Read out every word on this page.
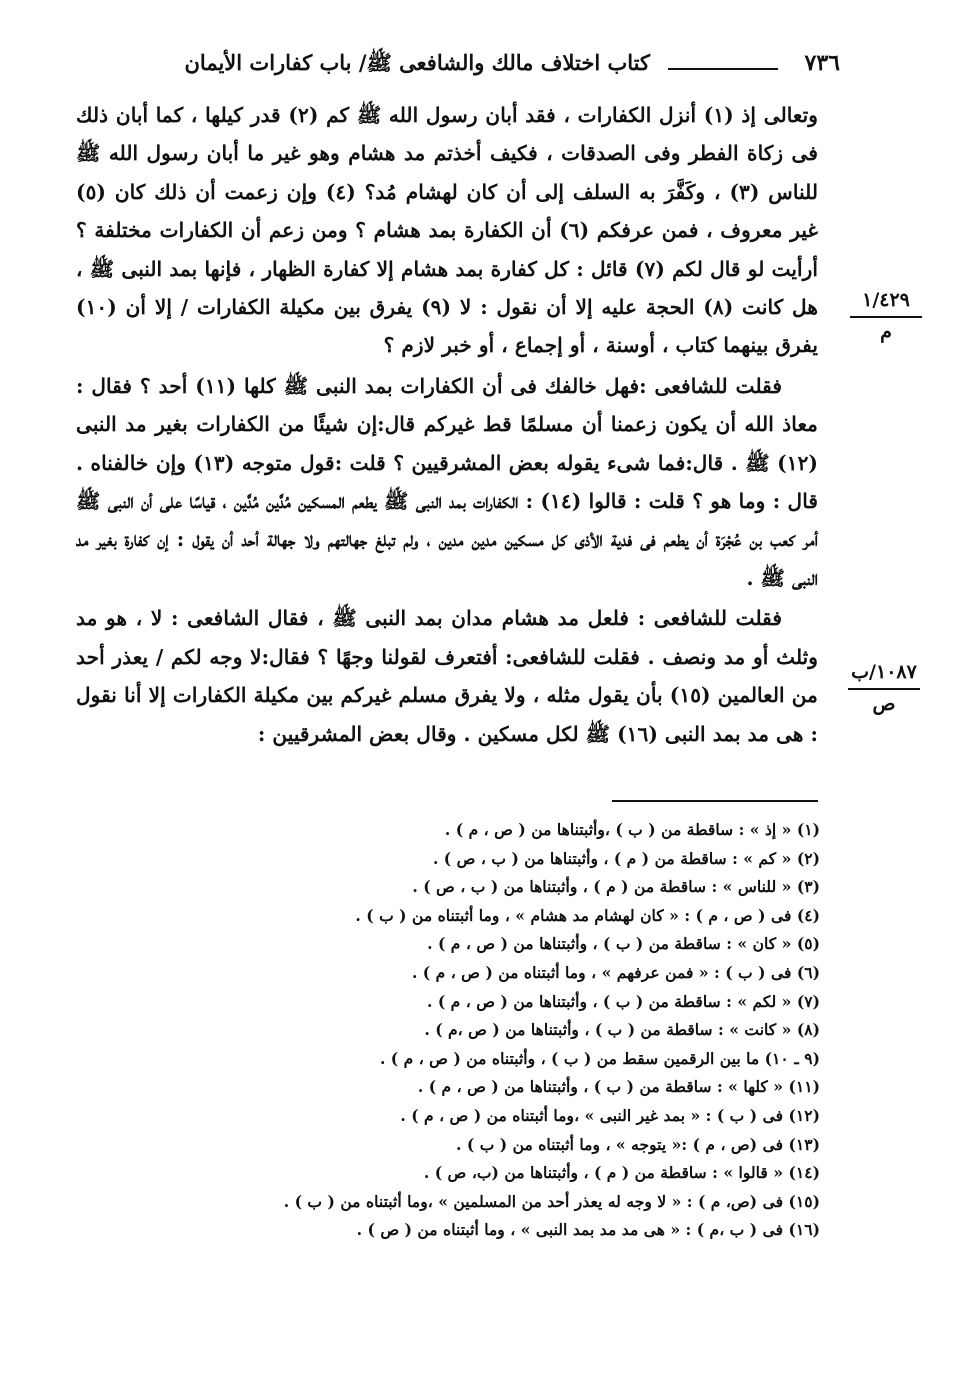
٧٣٦
كتاب اختلاف مالك والشافعى ﷺ/ باب كفارات الأيمان
١/٤٢٩
م
١٠٨٧/ب
ص

وتعالى إذ (١) أنزل الكفارات ، فقد أبان رسول الله ﷺ كم (٢) قدر كيلها ، كما أبان ذلك فى زكاة الفطر وفى الصدقات ، فكيف أخذتم مد هشام وهو غير ما أبان رسول الله ﷺ للناس (٣) ، وكَفَّرَ به السلف إلى أن كان لهشام مُد؟ (٤) وإن زعمت أن ذلك كان (٥) غير معروف ، فمن عرفكم (٦) أن الكفارة بمد هشام ؟ ومن زعم أن الكفارات مختلفة ؟ أرأيت لو قال لكم (٧) قائل : كل كفارة بمد هشام إلا كفارة الظهار ، فإنها بمد النبى ﷺ ، هل كانت (٨) الحجة عليه إلا أن نقول : لا (٩) يفرق بين مكيلة الكفارات / إلا أن (١٠) يفرق بينهما كتاب ، أوسنة ، أو إجماع ، أو خبر لازم ؟

فقلت للشافعى :فهل خالفك فى أن الكفارات بمد النبى ﷺ كلها (١١) أحد ؟ فقال : معاذ الله أن يكون زعمنا أن مسلمًا قط غيركم قال:إن شيئًا من الكفارات بغير مد النبى (١٢) ﷺ . قال:فما شىء يقوله بعض المشرقيين ؟ قلت :قول متوجه (١٣) وإن خالفناه . قال : وما هو ؟ قلت : قالوا (١٤) : الكفارات بمد النبى ﷺ يطعم المسكين مُدَّين مُدَّين ، قياسًا على أن النبى ﷺ أمر كعب بن عُجْرَة أن يطعم فى فدية الأذى كل مسكين مدين مدين ، ولم تبلغ جهالتهم ولا جهالة أحد أن يقول : إن كفارة بغير مد النبى ﷺ .

فقلت للشافعى : فلعل مد هشام مدان بمد النبى ﷺ ، فقال الشافعى : لا ، هو مد وثلث أو مد ونصف . فقلت للشافعى: أفتعرف لقولنا وجهًا ؟ فقال:لا وجه لكم / يعذر أحد من العالمين (١٥) بأن يقول مثله ، ولا يفرق مسلم غيركم بين مكيلة الكفارات إلا أنا نقول : هى مد بمد النبى (١٦) ﷺ لكل مسكين . وقال بعض المشرقيين :

(١) « إذ » : ساقطة من ( ب ) ،وأثبتناها من ( ص ، م ) .
(٢) « كم » : ساقطة من ( م ) ، وأثبتناها من ( ب ، ص ) .
(٣) « للناس » : ساقطة من ( م ) ، وأثبتناها من ( ب ، ص ) .
(٤) فى ( ص ، م ) : « كان لهشام مد هشام » ، وما أثبتناه من ( ب ) .
(٥) « كان » : ساقطة من ( ب ) ، وأثبتناها من ( ص ، م ) .
(٦) فى ( ب ) : « فمن عرفهم » ، وما أثبتناه من ( ص ، م ) .
(٧) « لكم » : ساقطة من ( ب ) ، وأثبتناها من ( ص ، م ) .
(٨) « كانت » : ساقطة من ( ب ) ، وأثبتناها من ( ص ،م ) .
(٩ ـ ١٠) ما بين الرقمين سقط من ( ب ) ، وأثبتناه من ( ص ، م ) .
(١١) « كلها » : ساقطة من ( ب ) ، وأثبتناها من ( ص ، م ) .
(١٢) فى ( ب ) : « بمد غير النبى » ،وما أثبتناه من ( ص ، م ) .
(١٣) فى (ص ، م ) :« يتوجه » ، وما أثبتناه من ( ب ) .
(١٤) « قالوا » : ساقطة من ( م ) ، وأثبتناها من (ب، ص ) .
(١٥) فى (ص، م ) : « لا وجه له يعذر أحد من المسلمين » ،وما أثبتناه من ( ب ) .
(١٦) فى ( ب ،م ) : « هى مد مد بمد النبى » ، وما أثبتناه من ( ص ) .
